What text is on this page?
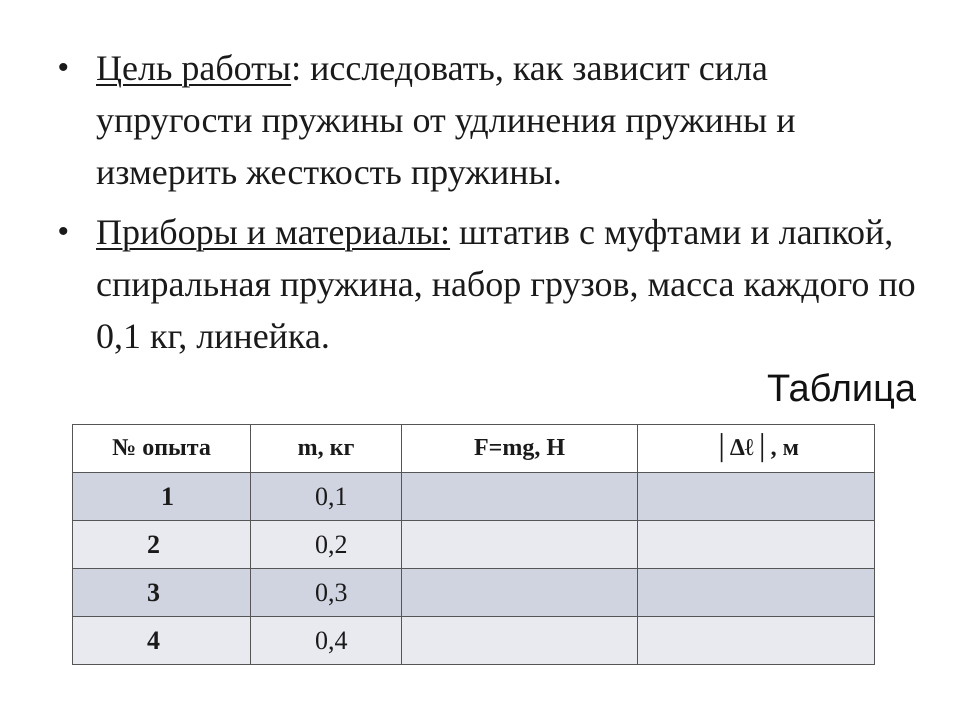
• Цель работы: исследовать, как зависит сила упругости пружины от удлинения пружины и измерить жесткость пружины.
• Приборы и материалы: штатив с муфтами и лапкой, спиральная пружина, набор грузов, масса каждого по 0,1 кг, линейка.
Таблица
№ опыта	m, кг	F=mg, Н	│∆ℓ│, м
1	0,1		
2	0,2		
3	0,3		
4	0,4		
